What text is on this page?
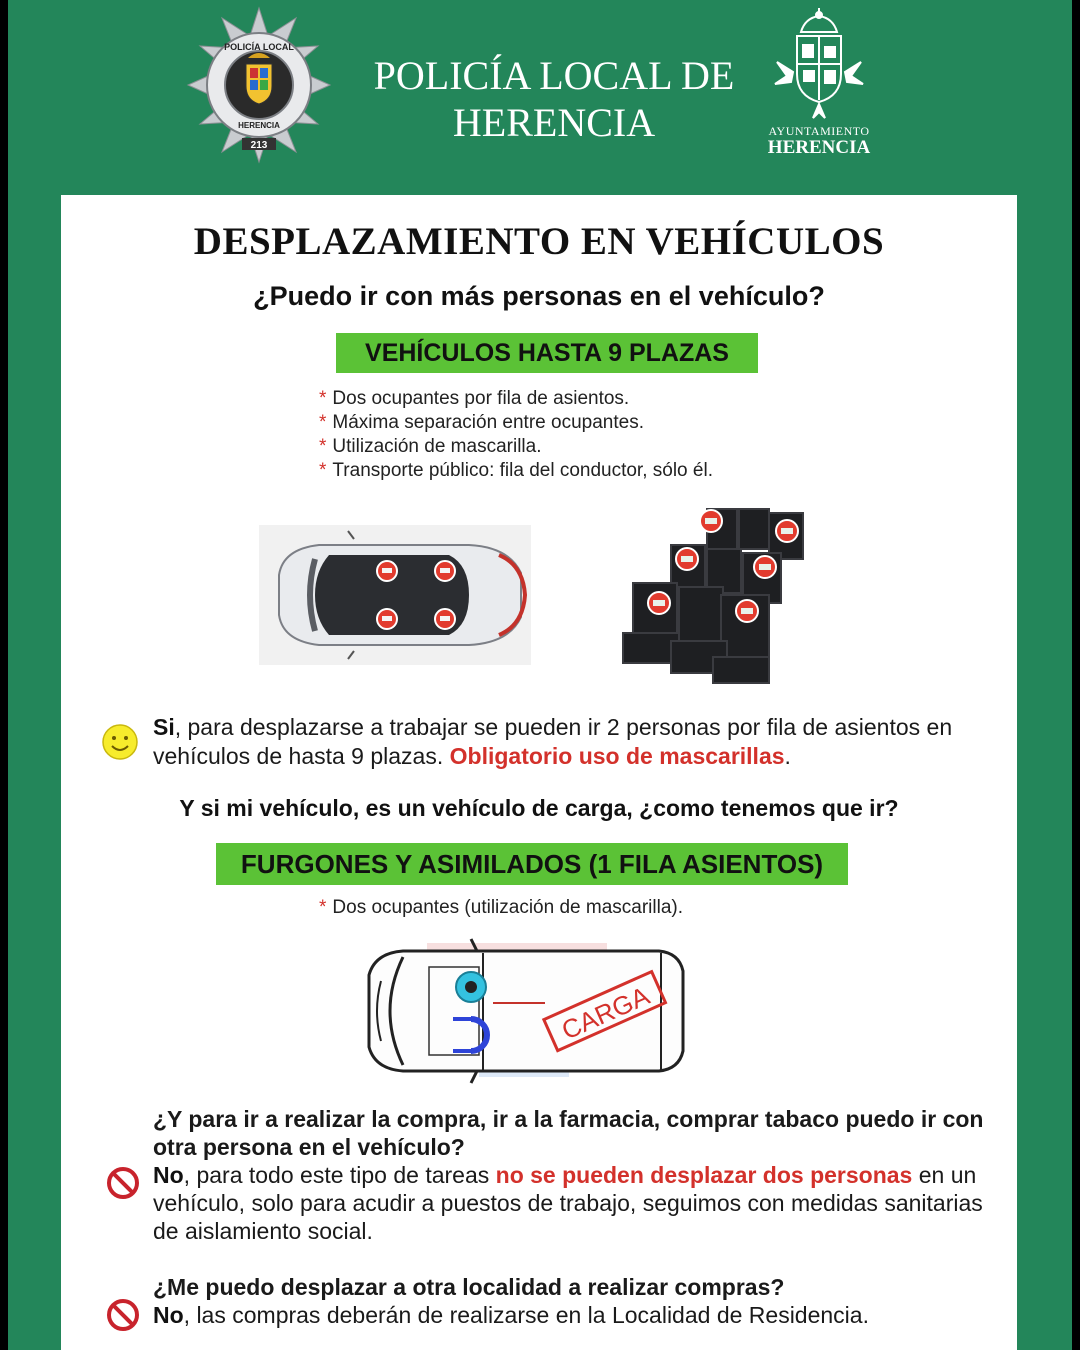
POLICÍA LOCAL
HERENCIA
213
POLICÍA LOCAL DE
HERENCIA	AYUNTAMIENTO
HERENCIA
DESPLAZAMIENTO EN VEHÍCULOS
¿Puedo ir con más personas en el vehículo?
VEHÍCULOS HASTA 9 PLAZAS
* Dos ocupantes por fila de asientos.
* Máxima separación entre ocupantes.
* Utilización de mascarilla.
* Transporte público: fila del conductor, sólo él.
Si, para desplazarse a trabajar se pueden ir 2 personas por fila de asientos en vehículos de hasta 9 plazas. Obligatorio uso de mascarillas.
Y si mi vehículo, es un vehículo de carga, ¿como tenemos que ir?
FURGONES Y ASIMILADOS (1 FILA ASIENTOS)
* Dos ocupantes (utilización de mascarilla).
CARGA
¿Y para ir a realizar la compra, ir a la farmacia, comprar tabaco puedo ir con otra persona en el vehículo?
No, para todo este tipo de tareas no se pueden desplazar dos personas en un vehículo, solo para acudir a puestos de trabajo, seguimos con medidas sanitarias de aislamiento social.
¿Me puedo desplazar a otra localidad a realizar compras?
No, las compras deberán de realizarse en la Localidad de Residencia.
